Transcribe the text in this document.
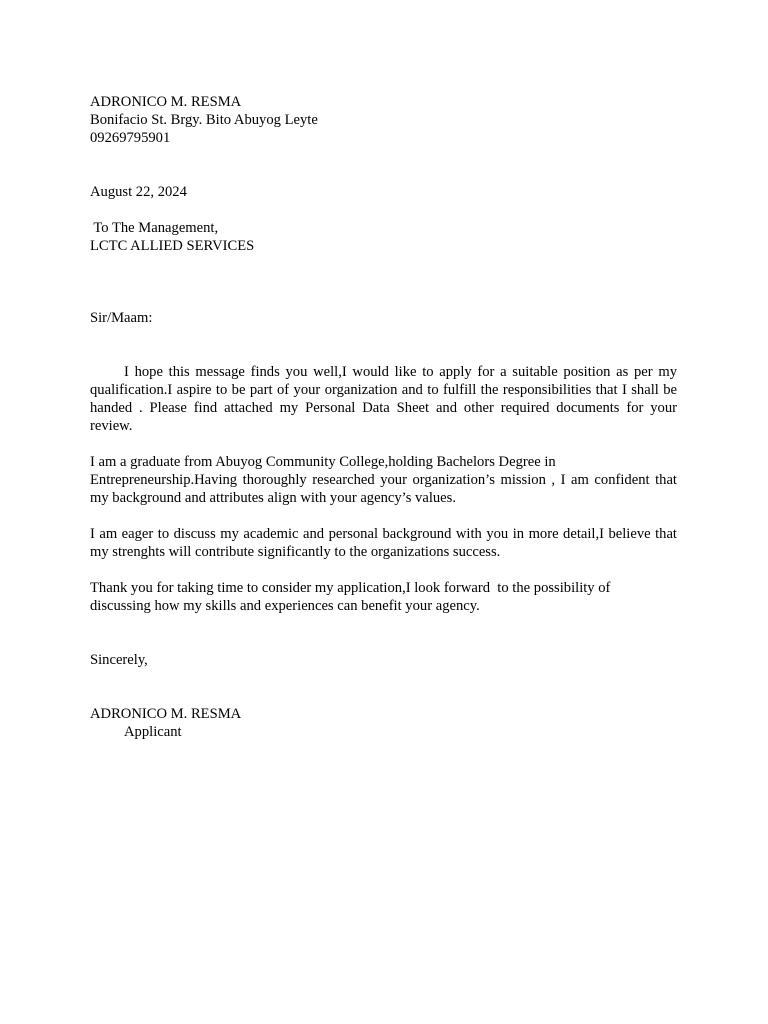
ADRONICO M. RESMA
Bonifacio St. Brgy. Bito Abuyog Leyte
09269795901
August 22, 2024
To The Management,
LCTC ALLIED SERVICES
Sir/Maam:

I hope this message finds you well,I would like to apply for a suitable position as per my qualification.I aspire to be part of your organization and to fulfill the responsibilities that I shall be handed . Please find attached my Personal Data Sheet and other required documents for your review.

I am a graduate from Abuyog Community College,holding Bachelors Degree in

Entrepreneurship.Having thoroughly researched your organization’s mission , I am confident that my background and attributes align with your agency’s values.

I am eager to discuss my academic and personal background with you in more detail,I believe that my strenghts will contribute significantly to the organizations success.

Thank you for taking time to consider my application,I look forward  to the possibility of
discussing how my skills and experiences can benefit your agency.
Sincerely,
ADRONICO M. RESMA
Applicant
